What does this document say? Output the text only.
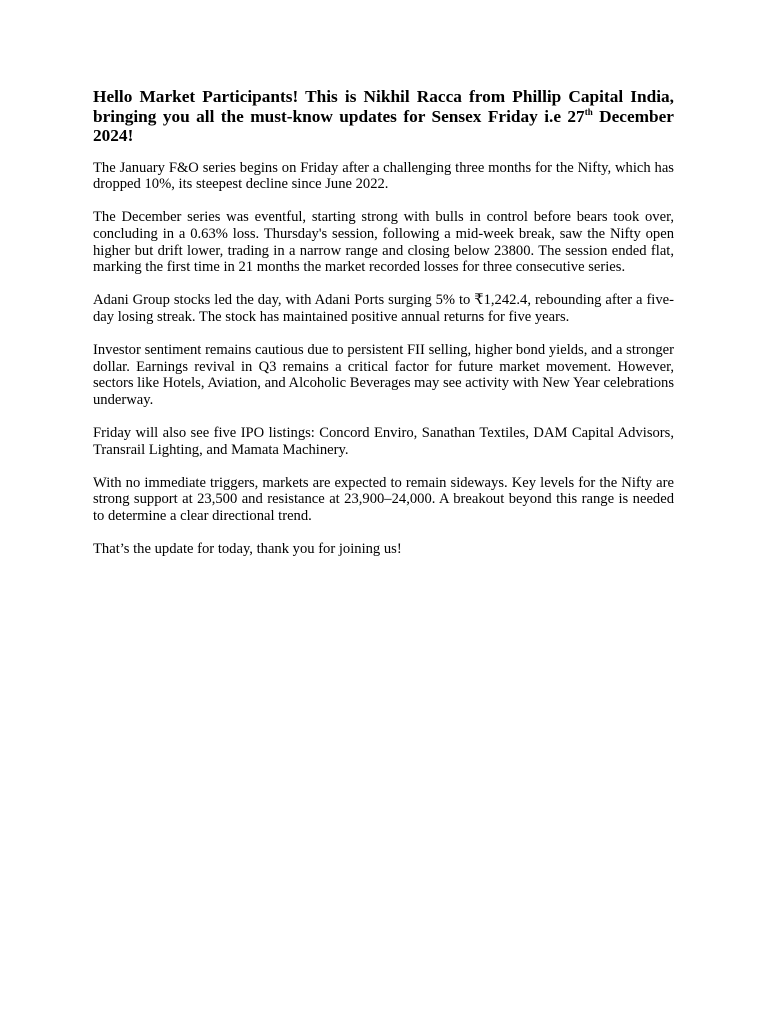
Hello Market Participants! This is Nikhil Racca from Phillip Capital India, bringing you all the must-know updates for Sensex Friday i.e 27th December 2024!

The January F&O series begins on Friday after a challenging three months for the Nifty, which has dropped 10%, its steepest decline since June 2022.

The December series was eventful, starting strong with bulls in control before bears took over, concluding in a 0.63% loss. Thursday's session, following a mid-week break, saw the Nifty open higher but drift lower, trading in a narrow range and closing below 23800. The session ended flat, marking the first time in 21 months the market recorded losses for three consecutive series.

Adani Group stocks led the day, with Adani Ports surging 5% to ₹1,242.4, rebounding after a five-day losing streak. The stock has maintained positive annual returns for five years.

Investor sentiment remains cautious due to persistent FII selling, higher bond yields, and a stronger dollar. Earnings revival in Q3 remains a critical factor for future market movement. However, sectors like Hotels, Aviation, and Alcoholic Beverages may see activity with New Year celebrations underway.

Friday will also see five IPO listings: Concord Enviro, Sanathan Textiles, DAM Capital Advisors, Transrail Lighting, and Mamata Machinery.

With no immediate triggers, markets are expected to remain sideways. Key levels for the Nifty are strong support at 23,500 and resistance at 23,900–24,000. A breakout beyond this range is needed to determine a clear directional trend.

That’s the update for today, thank you for joining us!
